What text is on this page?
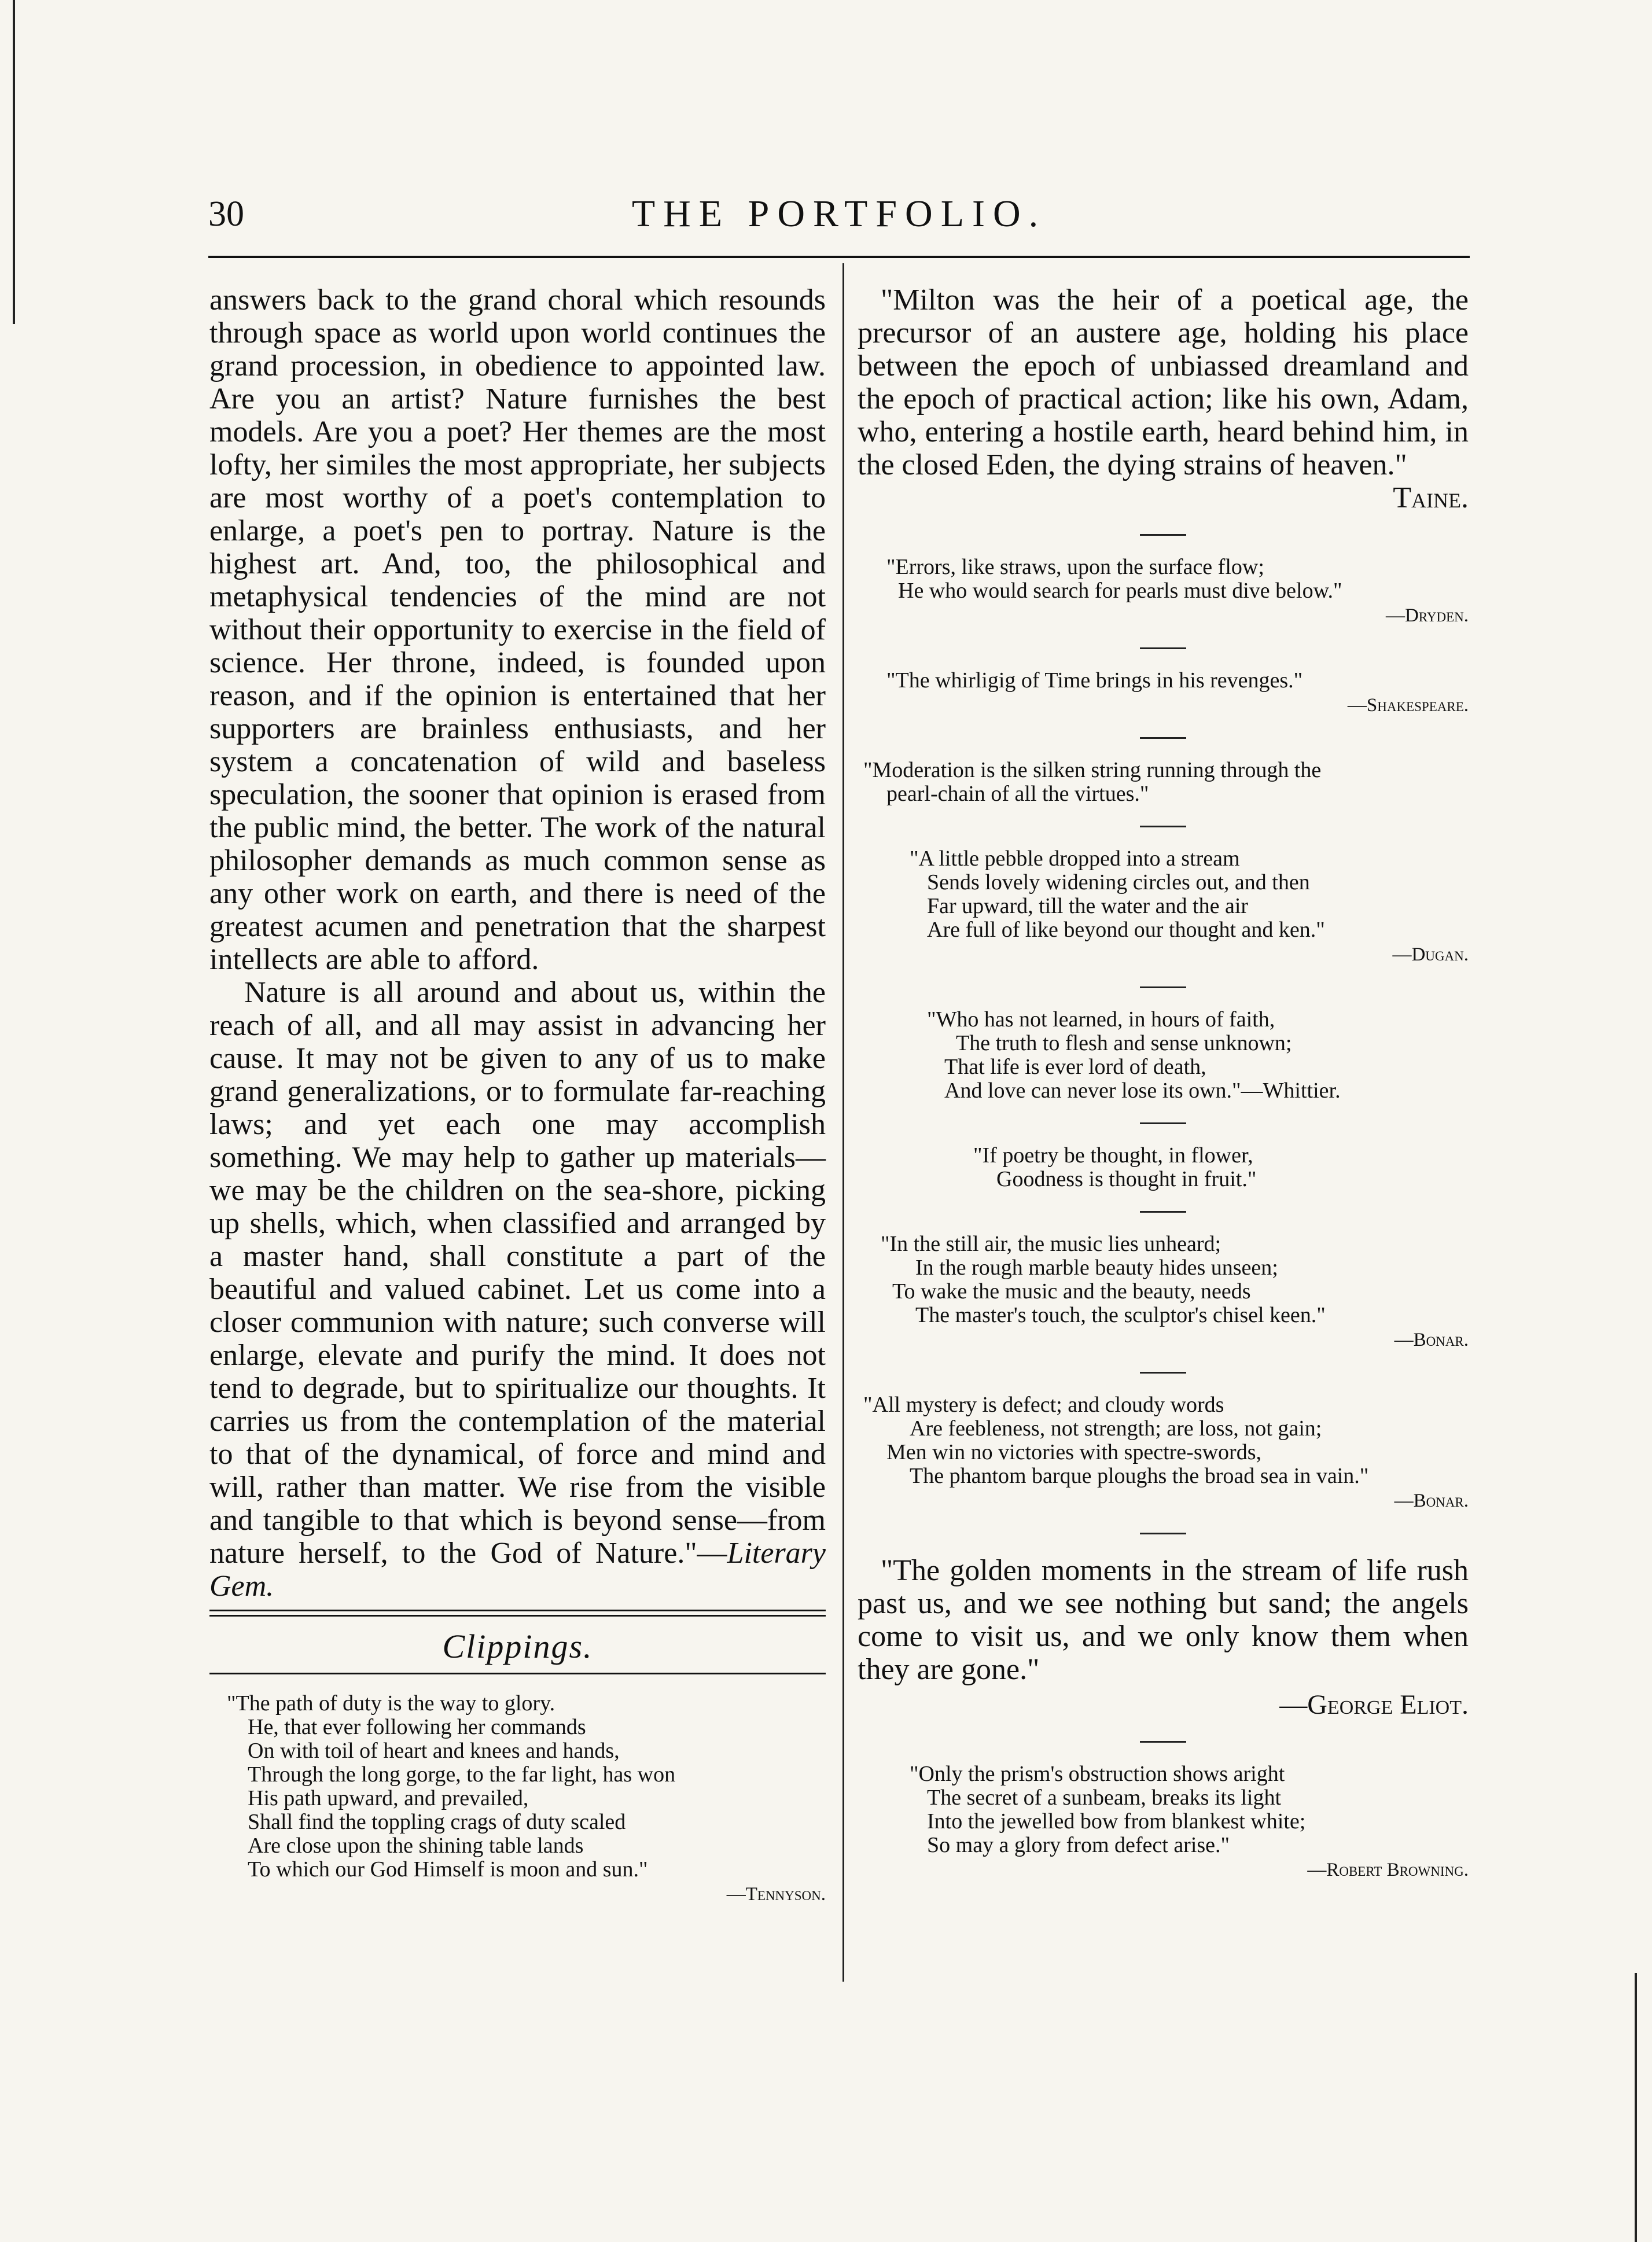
30	THE PORTFOLIO.

answers back to the grand choral which resounds through space as world upon world continues the grand procession, in obedience to appointed law. Are you an artist? Nature furnishes the best models. Are you a poet? Her themes are the most lofty, her similes the most appropriate, her subjects are most worthy of a poet's contemplation to enlarge, a poet's pen to portray. Nature is the highest art. And, too, the philosophical and metaphysical tendencies of the mind are not without their opportunity to exercise in the field of science. Her throne, indeed, is founded upon reason, and if the opinion is entertained that her supporters are brainless enthusiasts, and her system a concatenation of wild and baseless speculation, the sooner that opinion is erased from the public mind, the better. The work of the natural philosopher demands as much common sense as any other work on earth, and there is need of the greatest acumen and penetration that the sharpest intellects are able to afford.

Nature is all around and about us, within the reach of all, and all may assist in advancing her cause. It may not be given to any of us to make grand generalizations, or to formulate far-reaching laws; and yet each one may accomplish something. We may help to gather up materials—we may be the children on the sea-shore, picking up shells, which, when classified and arranged by a master hand, shall constitute a part of the beautiful and valued cabinet. Let us come into a closer communion with nature; such converse will enlarge, elevate and purify the mind. It does not tend to degrade, but to spiritualize our thoughts. It carries us from the contemplation of the material to that of the dynamical, of force and mind and will, rather than matter. We rise from the visible and tangible to that which is beyond sense—from nature herself, to the God of Nature."—Literary Gem.

Clippings.
"The path of duty is the way to glory.
He, that ever following her commands
On with toil of heart and knees and hands,
Through the long gorge, to the far light, has won
His path upward, and prevailed,
Shall find the toppling crags of duty scaled
Are close upon the shining table lands
To which our God Himself is moon and sun."
—Tennyson.
"Milton was the heir of a poetical age, the precursor of an austere age, holding his place between the epoch of unbiassed dreamland and the epoch of practical action; like his own, Adam, who, entering a hostile earth, heard behind him, in the closed Eden, the dying strains of heaven."
Taine.
"Errors, like straws, upon the surface flow;
He who would search for pearls must dive below."
—Dryden.
"The whirligig of Time brings in his revenges."
—Shakespeare.
"Moderation is the silken string running through the
pearl-chain of all the virtues."
"A little pebble dropped into a stream
Sends lovely widening circles out, and then
Far upward, till the water and the air
Are full of like beyond our thought and ken."
—Dugan.
"Who has not learned, in hours of faith,
The truth to flesh and sense unknown;
That life is ever lord of death,
And love can never lose its own."—Whittier.
"If poetry be thought, in flower,
Goodness is thought in fruit."
"In the still air, the music lies unheard;
In the rough marble beauty hides unseen;
To wake the music and the beauty, needs
The master's touch, the sculptor's chisel keen."
—Bonar.
"All mystery is defect; and cloudy words
Are feebleness, not strength; are loss, not gain;
Men win no victories with spectre-swords,
The phantom barque ploughs the broad sea in vain."
—Bonar.
"The golden moments in the stream of life rush past us, and we see nothing but sand; the angels come to visit us, and we only know them when they are gone."
—George Eliot.
"Only the prism's obstruction shows aright
The secret of a sunbeam, breaks its light
Into the jewelled bow from blankest white;
So may a glory from defect arise."
—Robert Browning.
